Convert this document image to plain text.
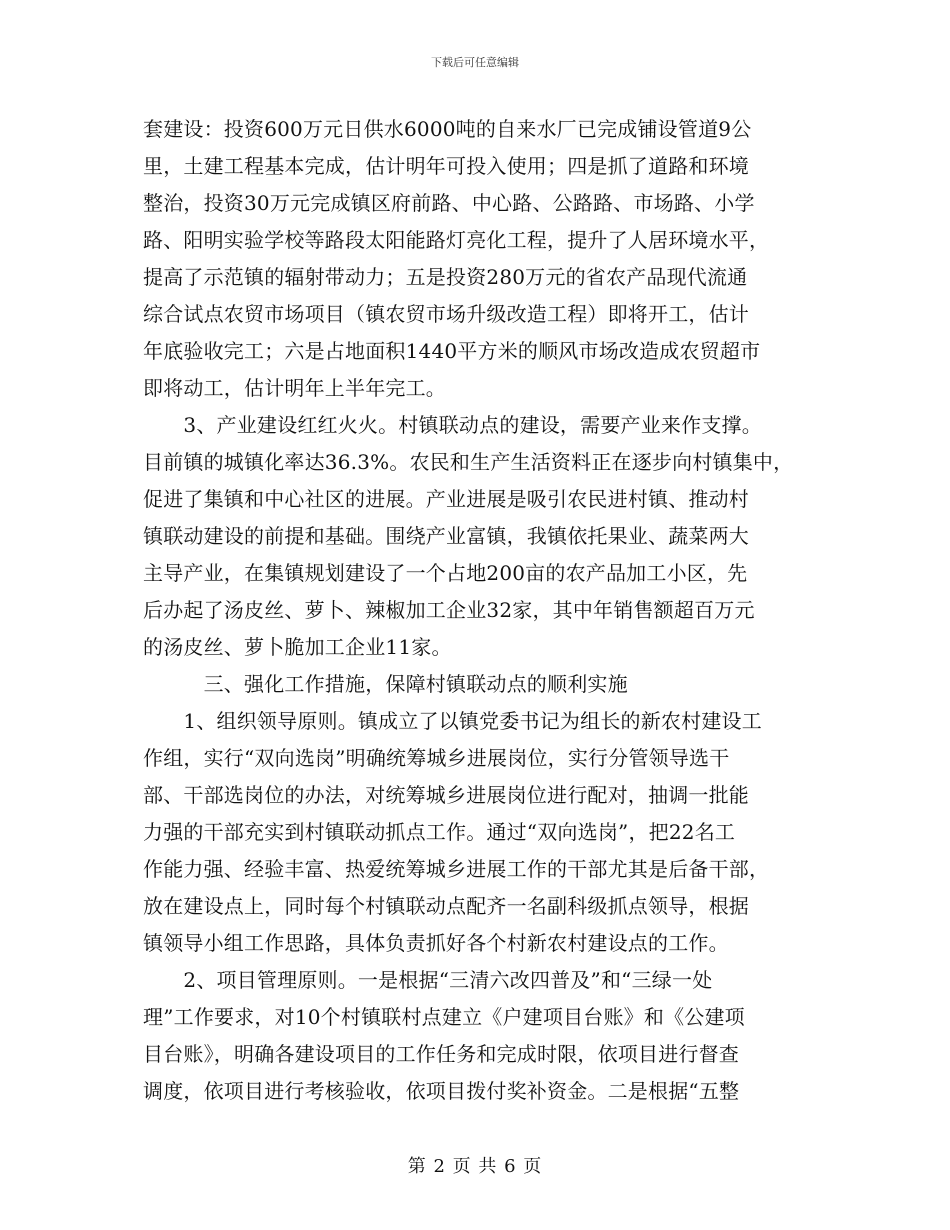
下载后可任意编辑
套建设：投资600万元日供水6000吨的自来水厂已完成铺设管道9公
里，土建工程基本完成，估计明年可投入使用；四是抓了道路和环境
整治，投资30万元完成镇区府前路、中心路、公路路、市场路、小学
路、阳明实验学校等路段太阳能路灯亮化工程，提升了人居环境水平，
提高了示范镇的辐射带动力；五是投资280万元的省农产品现代流通
综合试点农贸市场项目（镇农贸市场升级改造工程）即将开工，估计
年底验收完工；六是占地面积1440平方米的顺风市场改造成农贸超市
即将动工，估计明年上半年完工。
　　3、产业建设红红火火。村镇联动点的建设，需要产业来作支撑。
目前镇的城镇化率达36.3%。农民和生产生活资料正在逐步向村镇集中，
促进了集镇和中心社区的进展。产业进展是吸引农民进村镇、推动村
镇联动建设的前提和基础。围绕产业富镇，我镇依托果业、蔬菜两大
主导产业，在集镇规划建设了一个占地200亩的农产品加工小区，先
后办起了汤皮丝、萝卜、辣椒加工企业32家，其中年销售额超百万元
的汤皮丝、萝卜脆加工企业11家。
　　　三、强化工作措施，保障村镇联动点的顺利实施
　　1、组织领导原则。镇成立了以镇党委书记为组长的新农村建设工
作组，实行“双向选岗”明确统筹城乡进展岗位，实行分管领导选干
部、干部选岗位的办法，对统筹城乡进展岗位进行配对，抽调一批能
力强的干部充实到村镇联动抓点工作。通过“双向选岗”，把22名工
作能力强、经验丰富、热爱统筹城乡进展工作的干部尤其是后备干部，
放在建设点上，同时每个村镇联动点配齐一名副科级抓点领导，根据
镇领导小组工作思路，具体负责抓好各个村新农村建设点的工作。
　　2、项目管理原则。一是根据“三清六改四普及”和“三绿一处
理”工作要求，对10个村镇联村点建立《户建项目台账》和《公建项
目台账》，明确各建设项目的工作任务和完成时限，依项目进行督查
调度，依项目进行考核验收，依项目拨付奖补资金。二是根据“五整
第 2 页 共 6 页
